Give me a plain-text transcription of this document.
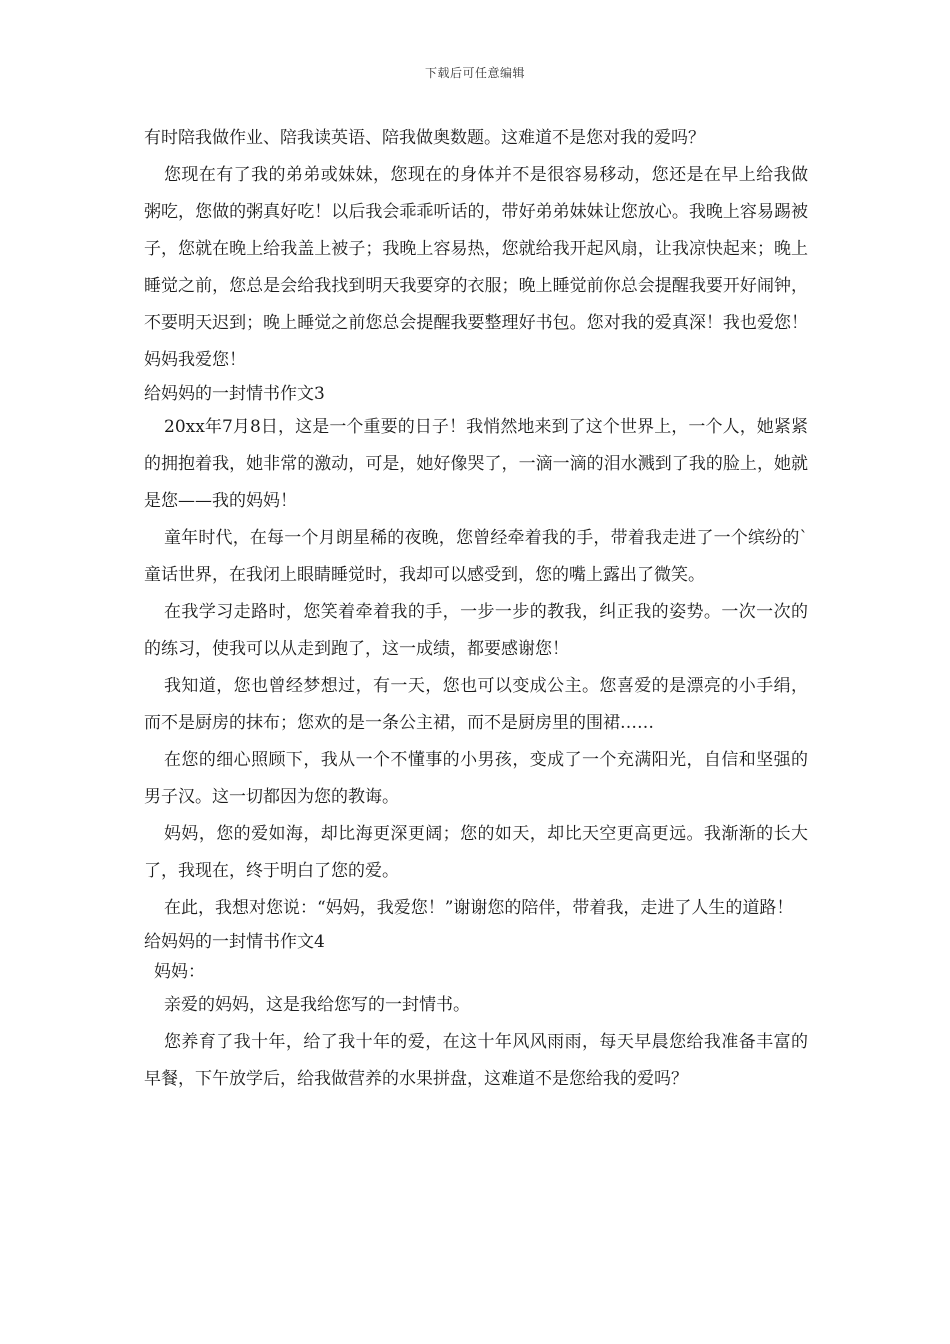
下载后可任意编辑

有时陪我做作业、陪我读英语、陪我做奥数题。这难道不是您对我的爱吗？

您现在有了我的弟弟或妹妹，您现在的身体并不是很容易移动，您还是在早上给我做粥吃，您做的粥真好吃！以后我会乖乖听话的，带好弟弟妹妹让您放心。我晚上容易踢被子，您就在晚上给我盖上被子；我晚上容易热，您就给我开起风扇，让我凉快起来；晚上睡觉之前，您总是会给我找到明天我要穿的衣服；晚上睡觉前你总会提醒我要开好闹钟，不要明天迟到；晚上睡觉之前您总会提醒我要整理好书包。您对我的爱真深！我也爱您！妈妈我爱您！

给妈妈的一封情书作文3

20xx年7月8日，这是一个重要的日子！我悄然地来到了这个世界上，一个人，她紧紧的拥抱着我，她非常的激动，可是，她好像哭了，一滴一滴的泪水溅到了我的脸上，她就是您——我的妈妈！

童年时代，在每一个月朗星稀的夜晚，您曾经牵着我的手，带着我走进了一个缤纷的`童话世界，在我闭上眼睛睡觉时，我却可以感受到，您的嘴上露出了微笑。

在我学习走路时，您笑着牵着我的手，一步一步的教我，纠正我的姿势。一次一次的的练习，使我可以从走到跑了，这一成绩，都要感谢您！

我知道，您也曾经梦想过，有一天，您也可以变成公主。您喜爱的是漂亮的小手绢，而不是厨房的抹布；您欢的是一条公主裙，而不是厨房里的围裙……

在您的细心照顾下，我从一个不懂事的小男孩，变成了一个充满阳光，自信和坚强的男子汉。这一切都因为您的教诲。

妈妈，您的爱如海，却比海更深更阔；您的如天，却比天空更高更远。我渐渐的长大了，我现在，终于明白了您的爱。

在此，我想对您说：“妈妈，我爱您！”谢谢您的陪伴，带着我，走进了人生的道路！

给妈妈的一封情书作文4

妈妈：

亲爱的妈妈，这是我给您写的一封情书。

您养育了我十年，给了我十年的爱，在这十年风风雨雨，每天早晨您给我准备丰富的早餐，下午放学后，给我做营养的水果拼盘，这难道不是您给我的爱吗？
